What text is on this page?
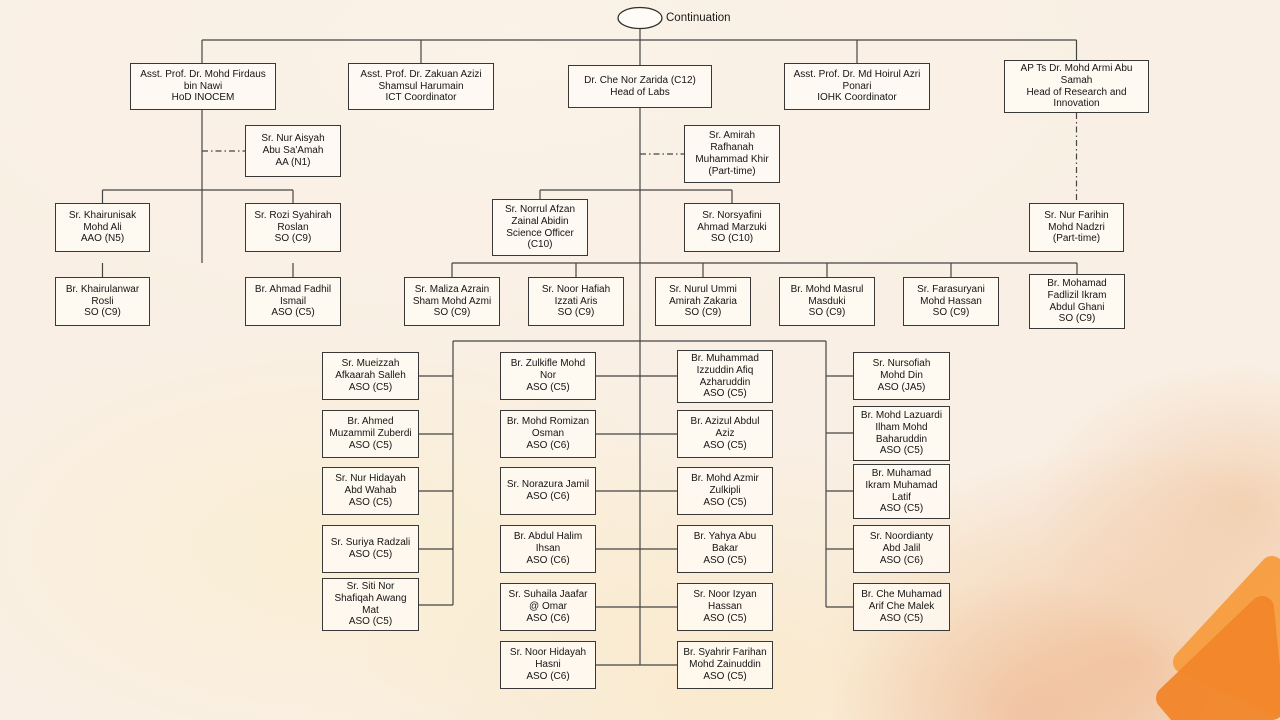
Asst. Prof. Dr. Mohd Firdaus
bin Nawi
HoD INOCEM
Asst. Prof. Dr. Zakuan Azizi
Shamsul Harumain
ICT Coordinator
Dr. Che Nor Zarida (C12)
Head of Labs
Asst. Prof. Dr. Md Hoirul Azri
Ponari
IOHK Coordinator
AP Ts Dr. Mohd Armi Abu
Samah
Head of Research and
Innovation
Sr. Nur Aisyah
Abu Sa'Amah
AA (N1)
Sr. Amirah
Rafhanah
Muhammad Khir
(Part-time)
Sr. Khairunisak
Mohd Ali
AAO (N5)
Sr. Rozi Syahirah
Roslan
SO (C9)
Sr. Norrul Afzan
Zainal Abidin
Science Officer
(C10)
Sr. Norsyafini
Ahmad Marzuki
SO (C10)
Sr. Nur Farihin
Mohd Nadzri
(Part-time)
Br. Khairulanwar
Rosli
SO (C9)
Br. Ahmad Fadhil
Ismail
ASO (C5)
Sr. Maliza Azrain
Sham Mohd Azmi
SO (C9)
Sr. Noor Hafiah
Izzati Aris
SO (C9)
Sr. Nurul Ummi
Amirah Zakaria
SO (C9)
Br. Mohd Masrul
Masduki
SO (C9)
Sr. Farasuryani
Mohd Hassan
SO (C9)
Br. Mohamad
Fadlizil Ikram
Abdul Ghani
SO (C9)
Sr. Mueizzah
Afkaarah Salleh
ASO (C5)
Br. Ahmed
Muzammil Zuberdi
ASO (C5)
Sr. Nur Hidayah
Abd Wahab
ASO (C5)
Sr. Suriya Radzali
ASO (C5)
Sr. Siti Nor
Shafiqah Awang
Mat
ASO (C5)
Br. Zulkifle Mohd
Nor
ASO (C5)
Br. Mohd Romizan
Osman
ASO (C6)
Sr. Norazura Jamil
ASO (C6)
Br. Abdul Halim
Ihsan
ASO (C6)
Sr. Suhaila Jaafar
@ Omar
ASO (C6)
Sr. Noor Hidayah
Hasni
ASO (C6)
Br. Muhammad
Izzuddin Afiq
Azharuddin
ASO (C5)
Br. Azizul Abdul
Aziz
ASO (C5)
Br. Mohd Azmir
Zulkipli
ASO (C5)
Br. Yahya Abu
Bakar
ASO (C5)
Sr. Noor Izyan
Hassan
ASO (C5)
Br. Syahrir Farihan
Mohd Zainuddin
ASO (C5)
Sr. Nursofiah
Mohd Din
ASO (JA5)
Br. Mohd Lazuardi
Ilham Mohd
Baharuddin
ASO (C5)
Br. Muhamad
Ikram Muhamad
Latif
ASO (C5)
Sr. Noordianty
Abd Jalil
ASO (C6)
Br. Che Muhamad
Arif Che Malek
ASO (C5)
Continuation
